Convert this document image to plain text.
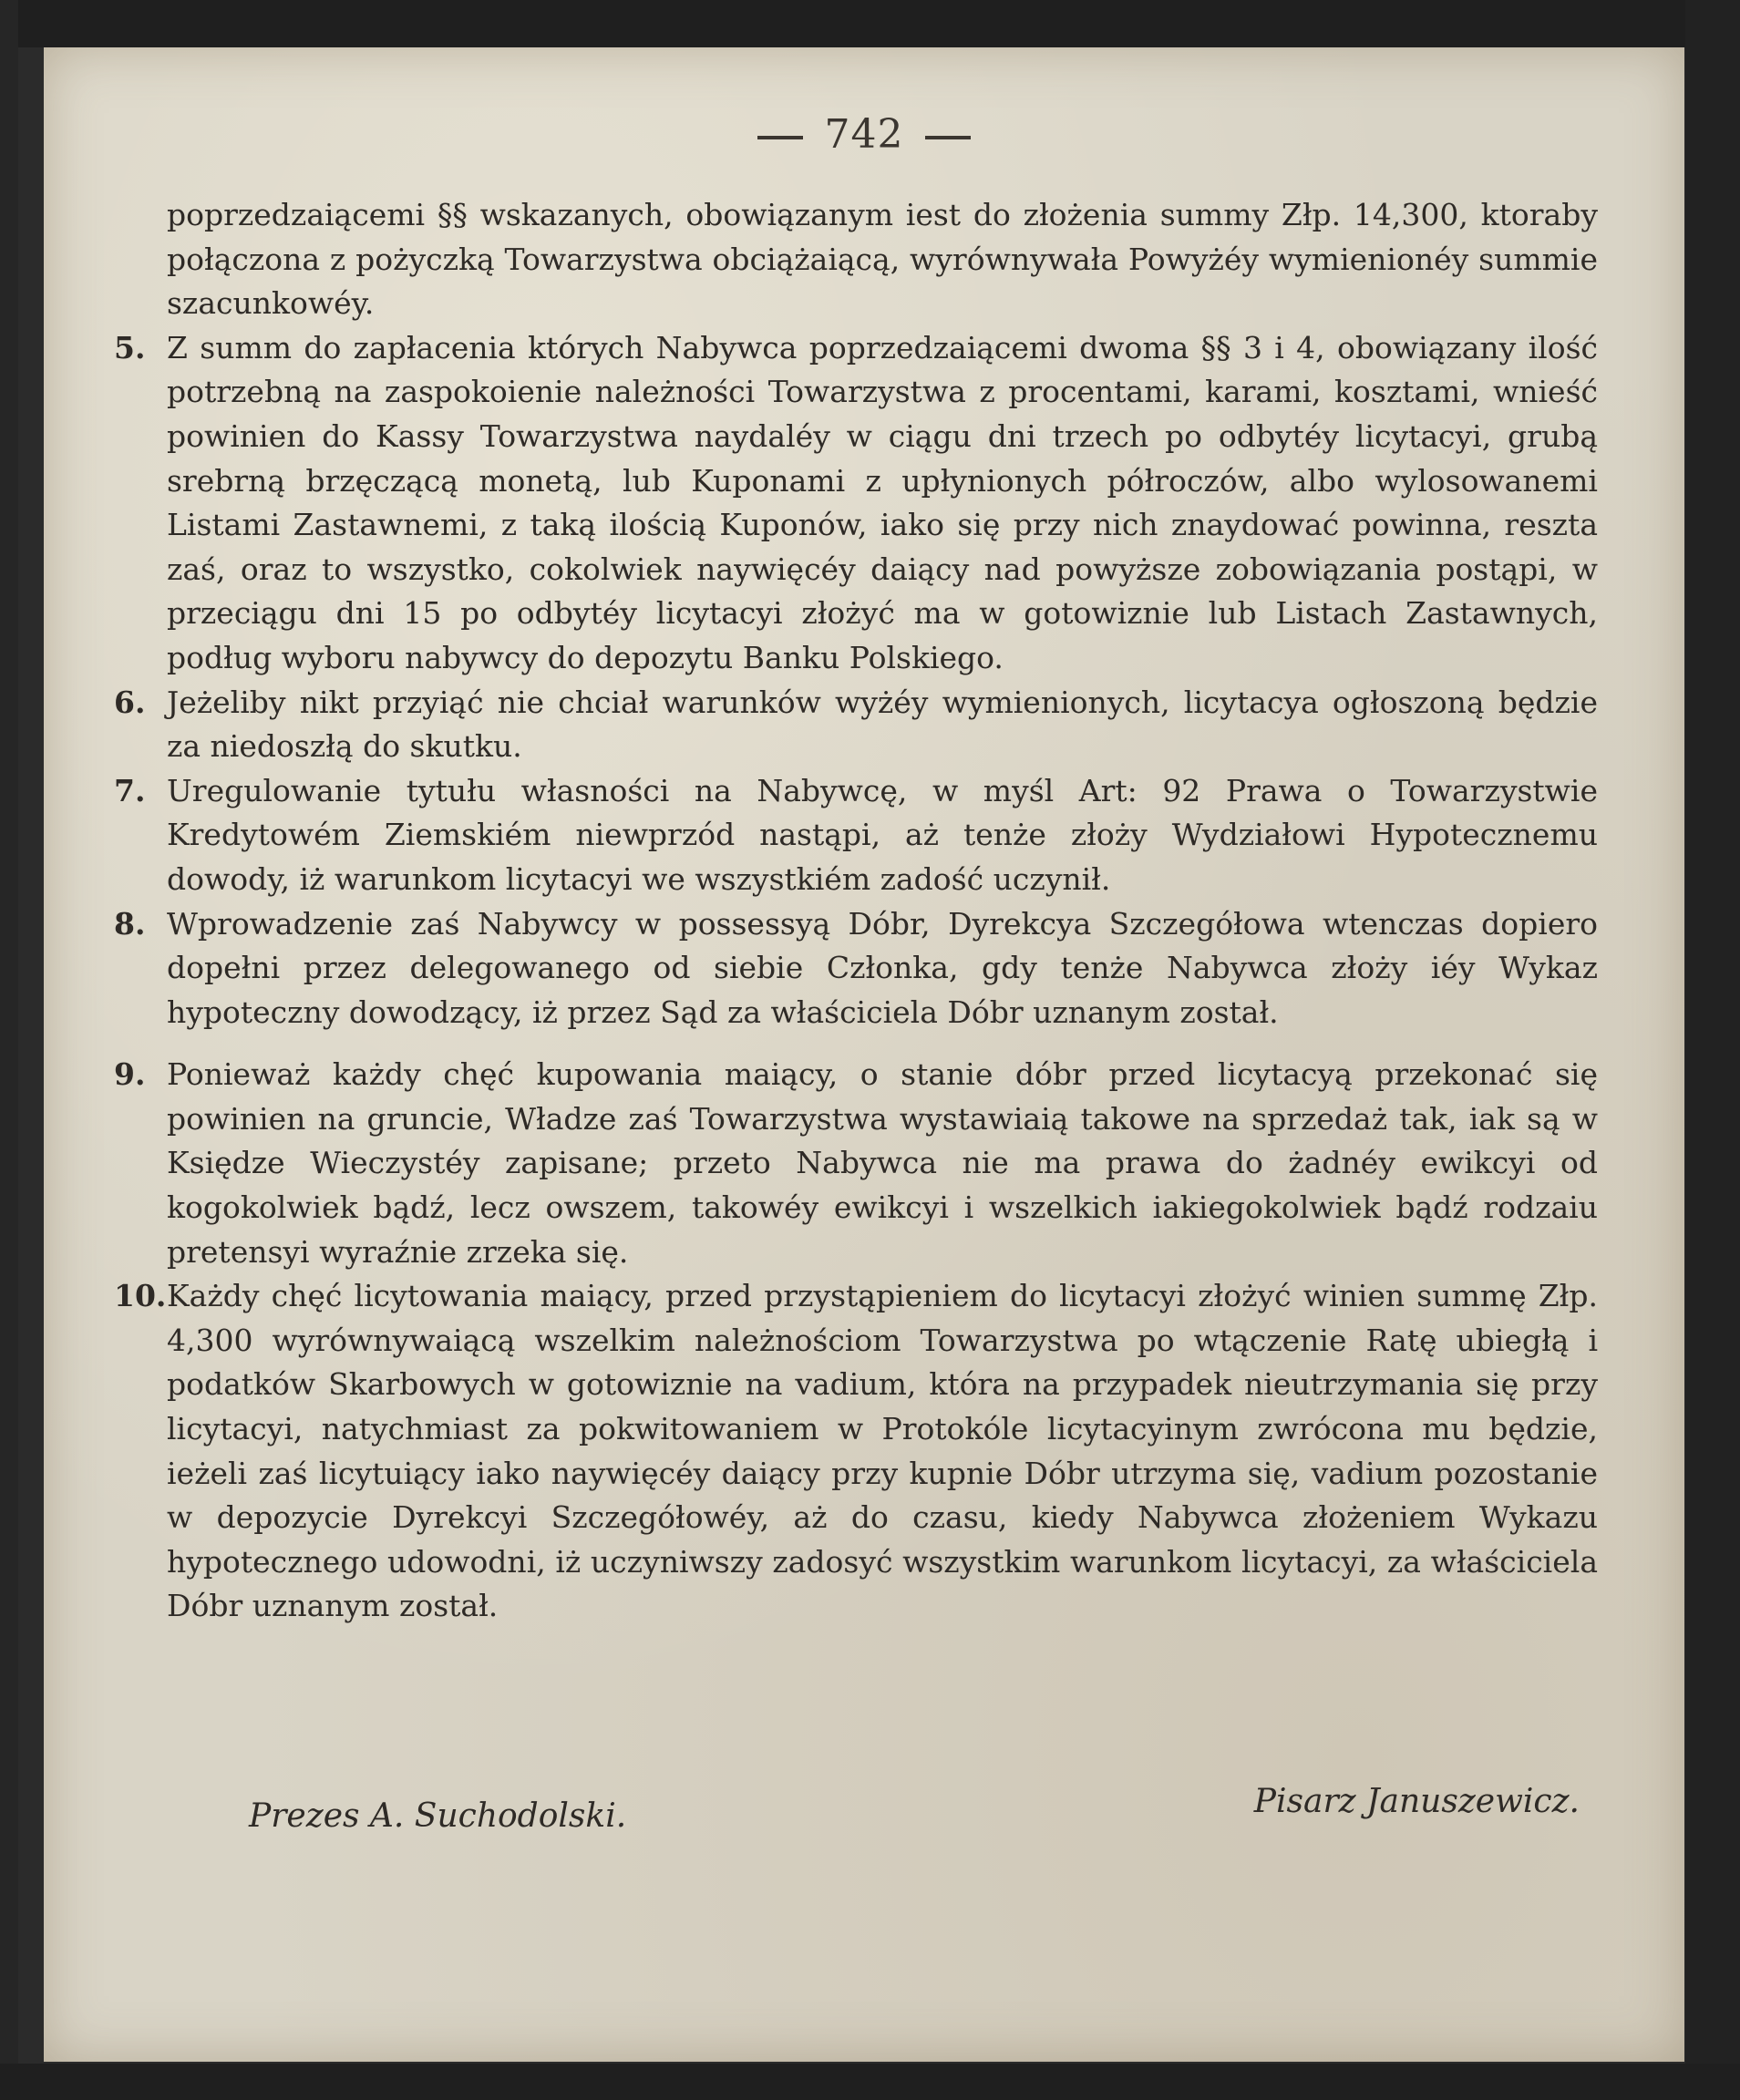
742

poprzedzaiącemi §§ wskazanych, obowiązanym iest do złożenia summy Złp. 14,300, ktoraby połączona z pożyczką Towarzystwa obciążaiącą, wyrównywała Powyżéy wymienionéy summie szacunkowéy.

5. Z summ do zapłacenia których Nabywca poprzedzaiącemi dwoma §§ 3 i 4, obowiązany ilość potrzebną na zaspokoienie należności Towarzystwa z procentami, karami, kosztami, wnieść powinien do Kassy Towarzystwa naydaléy w ciągu dni trzech po odbytéy licytacyi, grubą srebrną brzęczącą monetą, lub Kuponami z upłynionych półroczów, albo wylosowanemi Listami Zastawnemi, z taką ilością Kuponów, iako się przy nich znaydować powinna, reszta zaś, oraz to wszystko, cokolwiek naywięcéy daiący nad powyższe zobowiązania postąpi, w przeciągu dni 15 po odbytéy licytacyi złożyć ma w gotowiznie lub Listach Zastawnych, podług wyboru nabywcy do depozytu Banku Polskiego.

6. Jeżeliby nikt przyiąć nie chciał warunków wyżéy wymienionych, licytacya ogłoszoną będzie za niedoszłą do skutku.

7. Uregulowanie tytułu własności na Nabywcę, w myśl Art: 92 Prawa o Towarzystwie Kredytowém Ziemskiém niewprzód nastąpi, aż tenże złoży Wydziałowi Hypotecznemu dowody, iż warunkom licytacyi we wszystkiém zadość uczynił.

8. Wprowadzenie zaś Nabywcy w possessyą Dóbr, Dyrekcya Szczegółowa wtenczas dopiero dopełni przez delegowanego od siebie Członka, gdy tenże Nabywca złoży iéy Wykaz hypoteczny dowodzący, iż przez Sąd za właściciela Dóbr uznanym został.

9. Ponieważ każdy chęć kupowania maiący, o stanie dóbr przed licytacyą przekonać się powinien na gruncie, Władze zaś Towarzystwa wystawiaią takowe na sprzedaż tak, iak są w Księdze Wieczystéy zapisane; przeto Nabywca nie ma prawa do żadnéy ewikcyi od kogokolwiek bądź, lecz owszem, takowéy ewikcyi i wszelkich iakiegokolwiek bądź rodzaiu pretensyi wyraźnie zrzeka się.

10. Każdy chęć licytowania maiący, przed przystąpieniem do licytacyi złożyć winien summę Złp. 4,300 wyrównywaiącą wszelkim należnościom Towarzystwa po wtączenie Ratę ubiegłą i podatków Skarbowych w gotowiznie na vadium, która na przypadek nieutrzymania się przy licytacyi, natychmiast za pokwitowaniem w Protokóle licytacyinym zwrócona mu będzie, ieżeli zaś licytuiący iako naywięcéy daiący przy kupnie Dóbr utrzyma się, vadium pozostanie w depozycie Dyrekcyi Szczegółowéy, aż do czasu, kiedy Nabywca złożeniem Wykazu hypotecznego udowodni, iż uczyniwszy zadosyć wszystkim warunkom licytacyi, za właściciela Dóbr uznanym został.

Prezes A. Suchodolski.	Pisarz Januszewicz.
